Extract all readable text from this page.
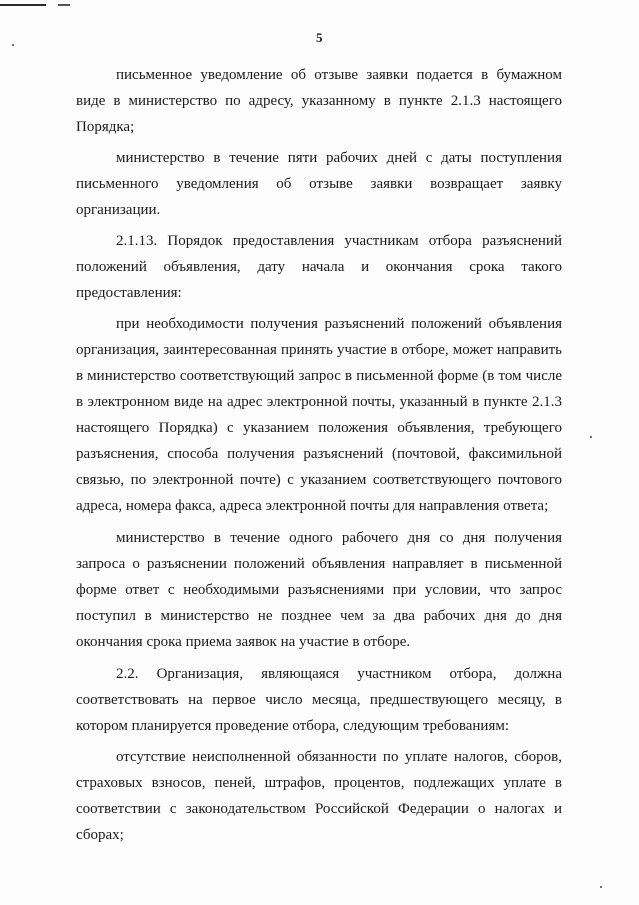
5

письменное уведомление об отзыве заявки подается в бумажном виде в министерство по адресу, указанному в пункте 2.1.3 настоящего Порядка;

министерство в течение пяти рабочих дней с даты поступления письменного уведомления об отзыве заявки возвращает заявку организации.

2.1.13. Порядок предоставления участникам отбора разъяснений положений объявления, дату начала и окончания срока такого предоставления:

при необходимости получения разъяснений положений объявления организация, заинтересованная принять участие в отборе, может направить в министерство соответствующий запрос в письменной форме (в том числе в электронном виде на адрес электронной почты, указанный в пункте 2.1.3 настоящего Порядка) с указанием положения объявления, требующего разъяснения, способа получения разъяснений (почтовой, факсимильной связью, по электронной почте) с указанием соответствующего почтового адреса, номера факса, адреса электронной почты для направления ответа;

министерство в течение одного рабочего дня со дня получения запроса о разъяснении положений объявления направляет в письменной форме ответ с необходимыми разъяснениями при условии, что запрос поступил в министерство не позднее чем за два рабочих дня до дня окончания срока приема заявок на участие в отборе.

2.2. Организация, являющаяся участником отбора, должна соответствовать на первое число месяца, предшествующего месяцу, в котором планируется проведение отбора, следующим требованиям:

отсутствие неисполненной обязанности по уплате налогов, сборов, страховых взносов, пеней, штрафов, процентов, подлежащих уплате в соответствии с законодательством Российской Федерации о налогах и сборах;
